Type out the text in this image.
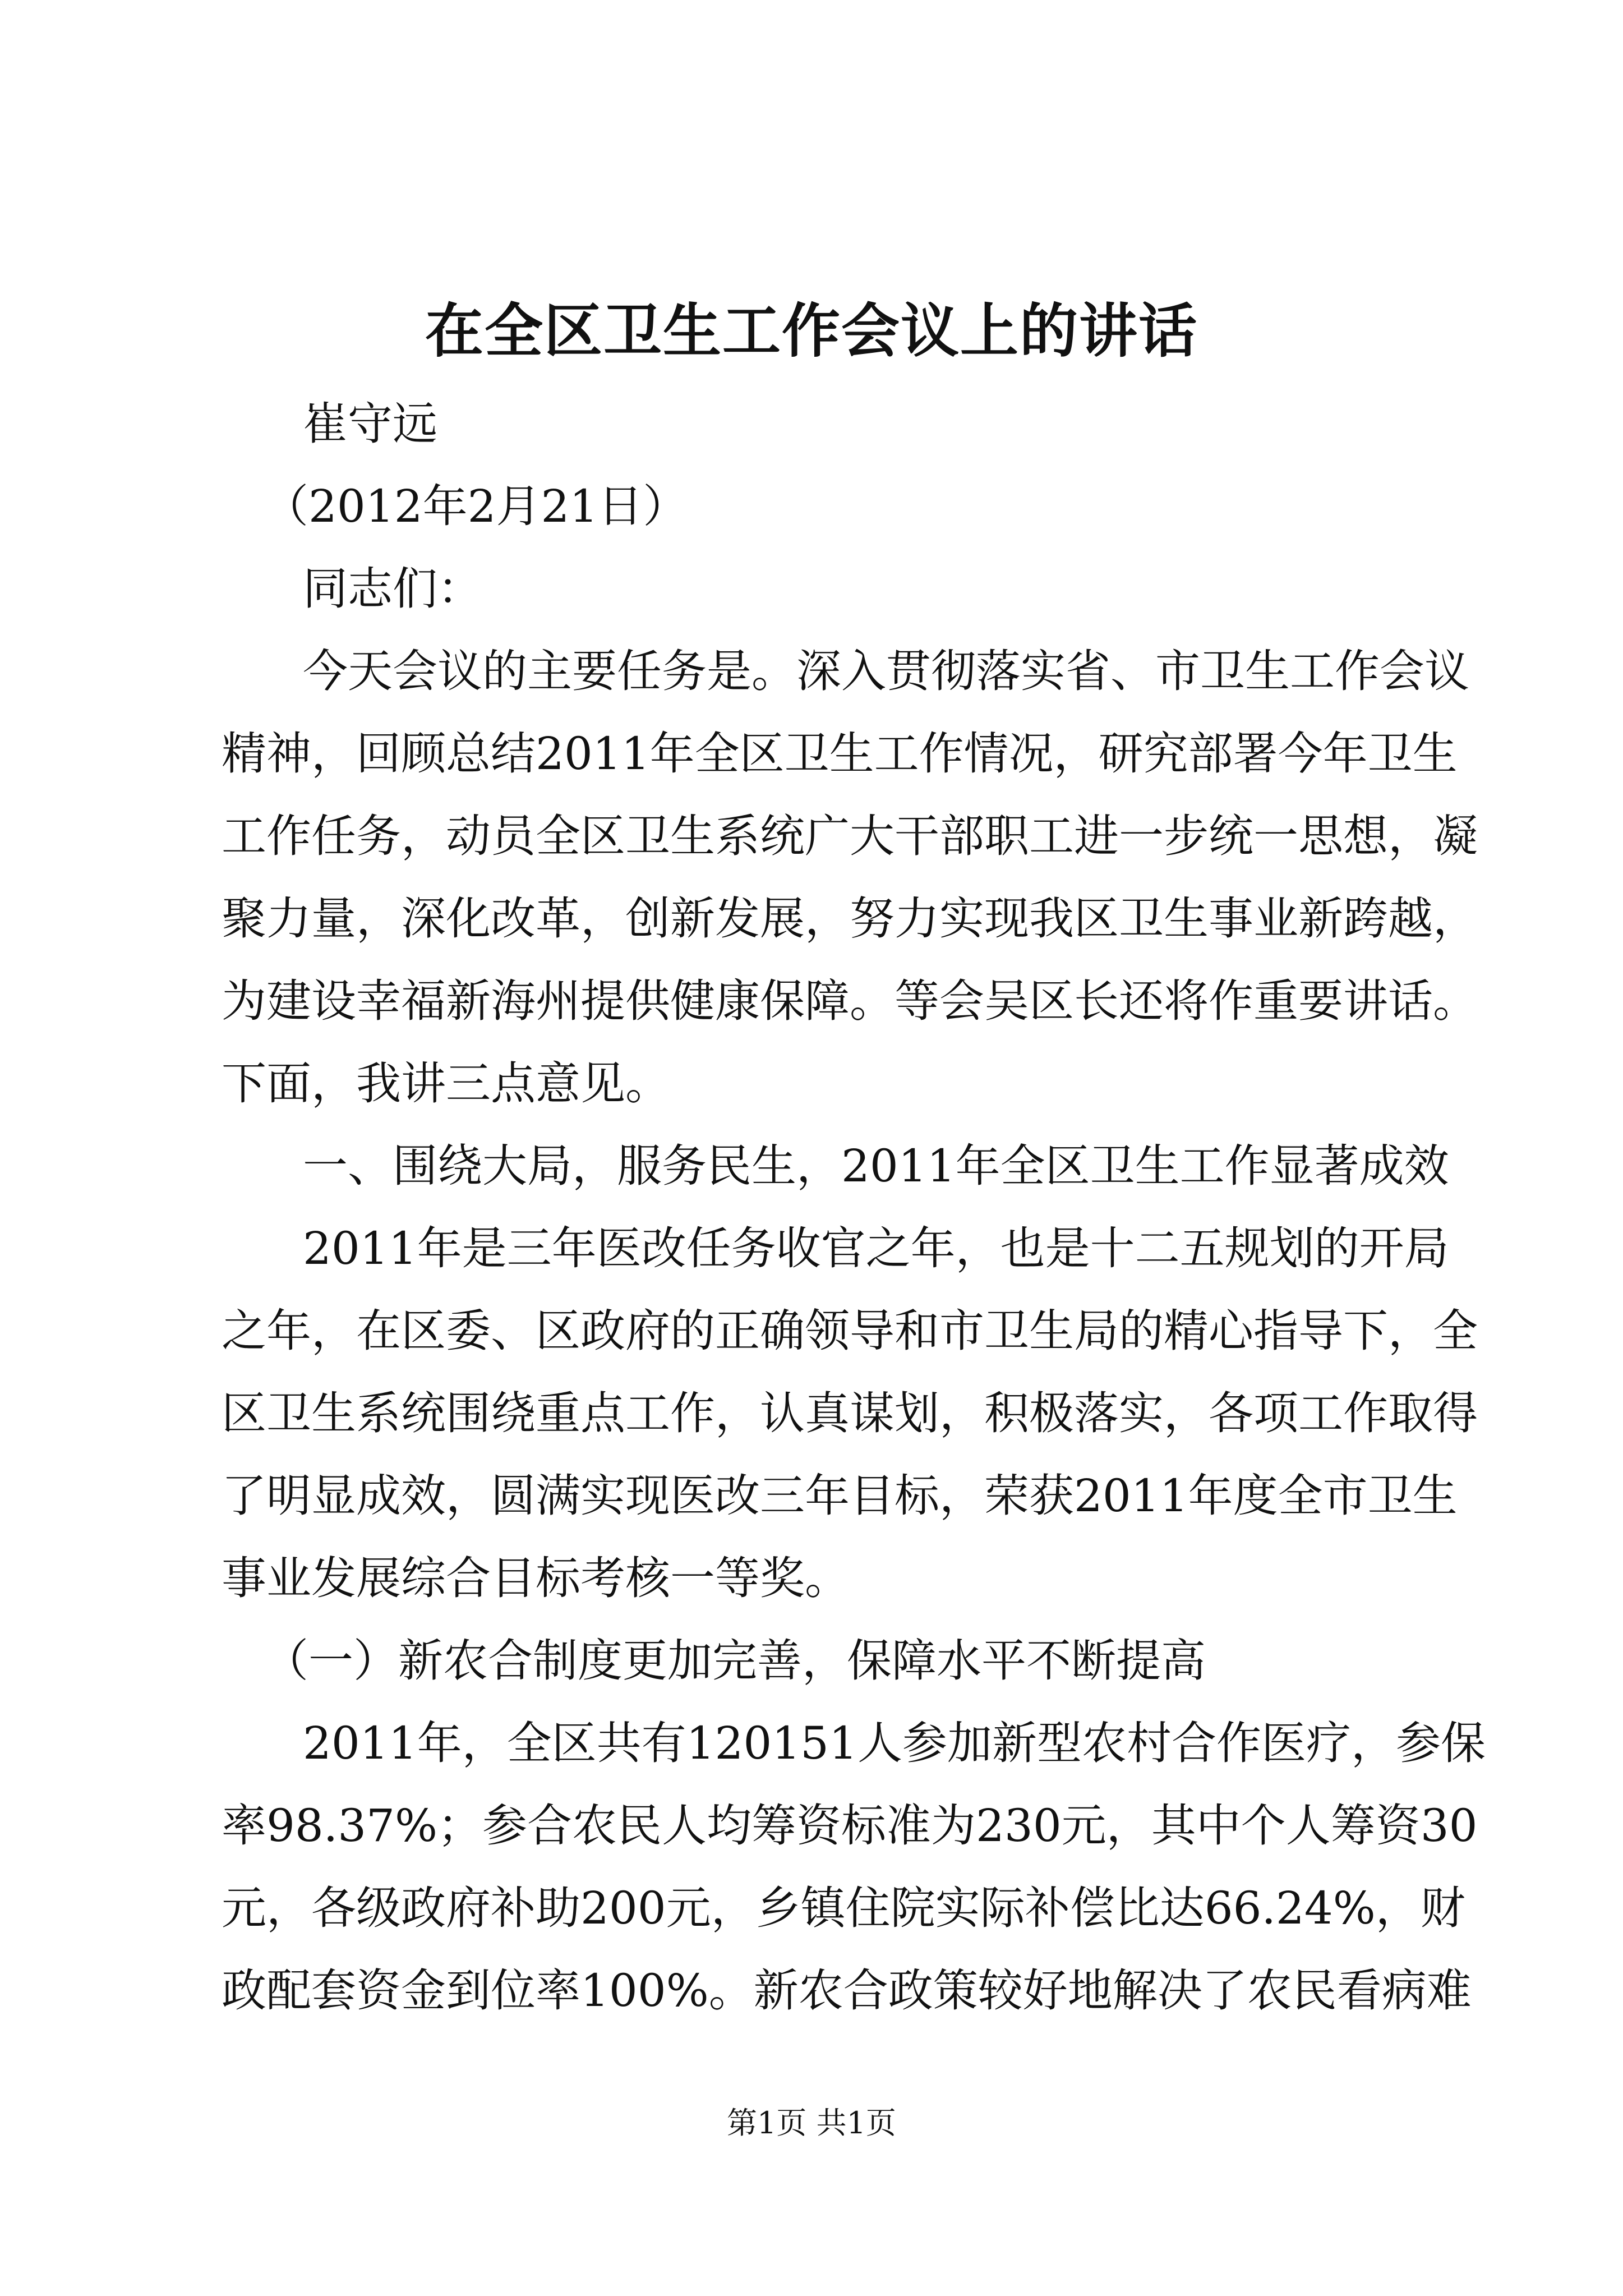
在全区卫生工作会议上的讲话
崔守远
（2012年2月21日）
同志们：
今天会议的主要任务是。深入贯彻落实省、市卫生工作会议
精神，回顾总结2011年全区卫生工作情况，研究部署今年卫生
工作任务，动员全区卫生系统广大干部职工进一步统一思想，凝
聚力量，深化改革，创新发展，努力实现我区卫生事业新跨越，
为建设幸福新海州提供健康保障。等会吴区长还将作重要讲话。
下面，我讲三点意见。
一、围绕大局，服务民生，2011年全区卫生工作显著成效
2011年是三年医改任务收官之年，也是十二五规划的开局
之年，在区委、区政府的正确领导和市卫生局的精心指导下，全
区卫生系统围绕重点工作，认真谋划，积极落实，各项工作取得
了明显成效，圆满实现医改三年目标，荣获2011年度全市卫生
事业发展综合目标考核一等奖。
（一）新农合制度更加完善，保障水平不断提高
2011年，全区共有120151人参加新型农村合作医疗，参保
率98.37%；参合农民人均筹资标准为230元，其中个人筹资30
元，各级政府补助200元，乡镇住院实际补偿比达66.24%，财
政配套资金到位率100%。新农合政策较好地解决了农民看病难
第1页 共1页
